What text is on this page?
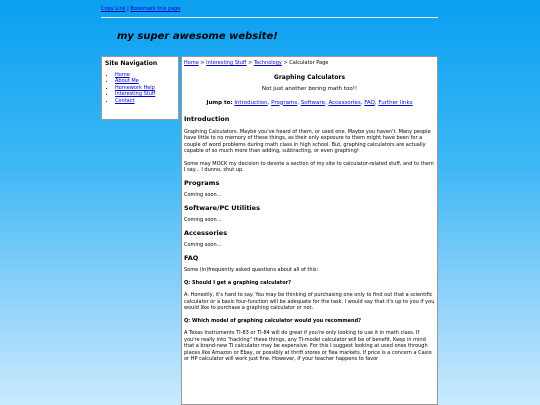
Copy Link | Bookmark this page
my super awesome website!
Site Navigation
• Home
• About Me
• Homework Help
• Interesting Stuff
• Contact
Home > Interesting Stuff > Technology > Calculator Page
Graphing Calculators
Not just another boring math too!!
Jump to: Introduction, Programs, Software, Accessories, FAQ, Further links
Introduction

Graphing Calculators. Maybe you've heard of them, or used one. Maybe you haven't. Many people have little to no memory of these things, as their only exposure to them might have been for a couple of word problems during math class in high school. But, graphing calculators are actually capable of so much more than adding, subtracting, or even graphing!

Some may MOCK my decision to devote a section of my site to calculator-related stuff, and to them I say... I dunno, shut up.

Programs

Coming soon...

Software/PC Utilities

Coming soon...

Accessories

Coming soon...

FAQ

Some (in)frequently asked questions about all of this:

Q: Should I get a graphing calculator?

A: Honestly, it's hard to say. You may be thinking of purchasing one only to find out that a scientific calculator or a basic four-function will be adequate for the task. I would say that it's up to you if you would like to purchase a graphing calculator or not.

Q: Which model of graphing calculator would you recommend?

A Texas Instruments TI-83 or TI-84 will do great if you're only looking to use it in math class. If you're really into "hacking" these things, any TI-model calculator will be of benefit. Keep in mind that a brand-new TI calculator may be expensive. For this I suggest looking at used ones through places like Amazon or Ebay, or possibly at thrift stores or flea markets. If price is a concern a Casio or HP calculator will work just fine. However, if your teacher happens to favor
